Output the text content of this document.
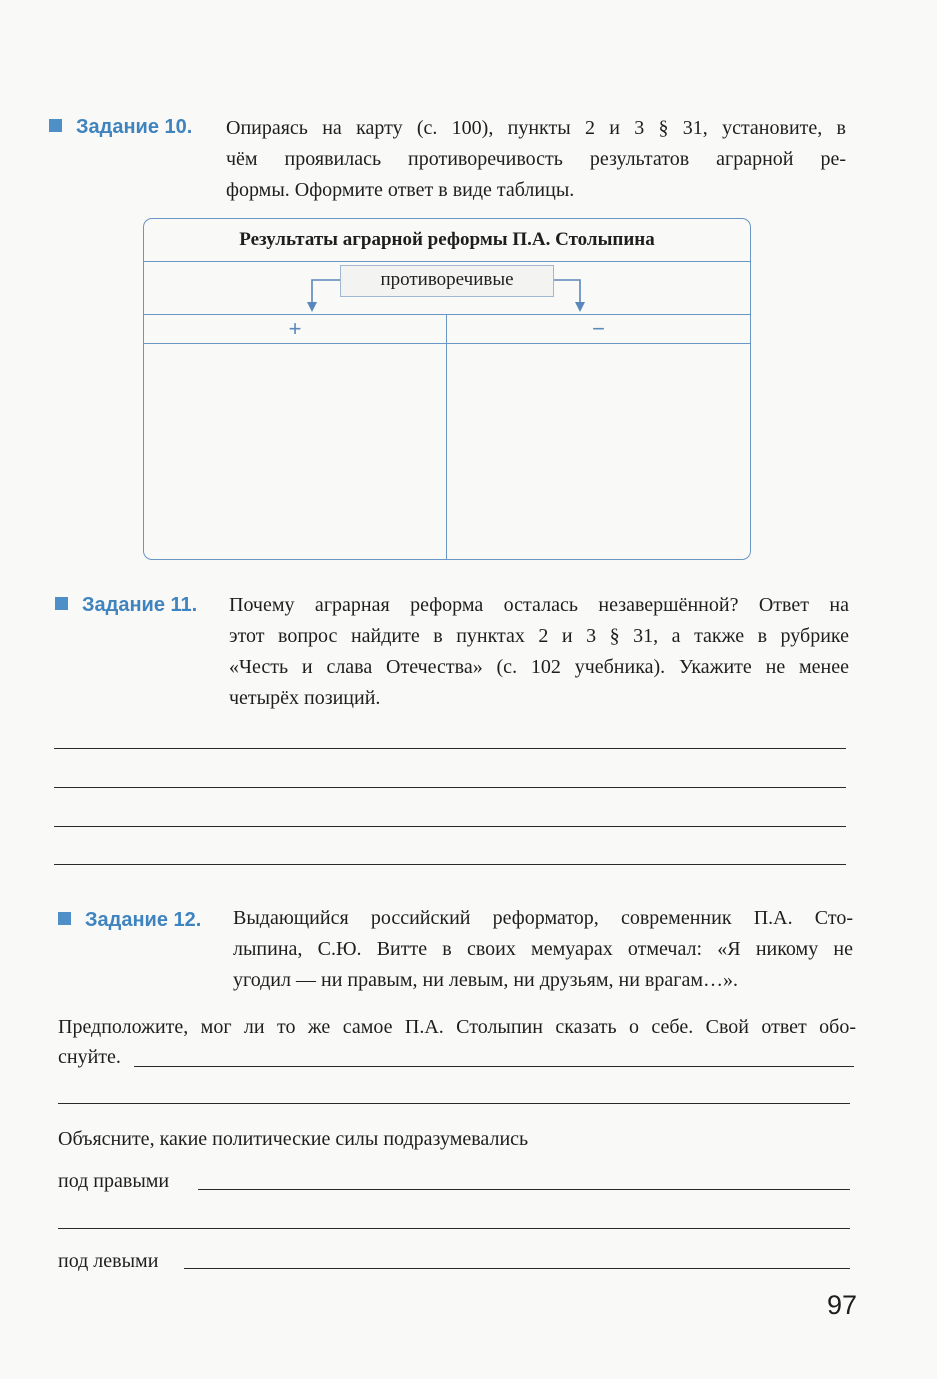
Задание 10. Опираясь на карту (с. 100), пункты 2 и 3 § 31, установите, в
чём проявилась противоречивость результатов аграрной ре-
формы. Оформите ответ в виде таблицы.
Результаты аграрной реформы П.А. Столыпина
противоречивые
+	−
Задание 11. Почему аграрная реформа осталась незавершённой? Ответ на
этот вопрос найдите в пунктах 2 и 3 § 31, а также в рубрике
«Честь и слава Отечества» (с. 102 учебника). Укажите не менее
четырёх позиций.
Задание 12. Выдающийся российский реформатор, современник П.А. Сто-
лыпина, С.Ю. Витте в своих мемуарах отмечал: «Я никому не
угодил — ни правым, ни левым, ни друзьям, ни врагам…».
Предположите, мог ли то же самое П.А. Столыпин сказать о себе. Свой ответ обо-
снуйте.
Объясните, какие политические силы подразумевались
под правыми
под левыми
97
